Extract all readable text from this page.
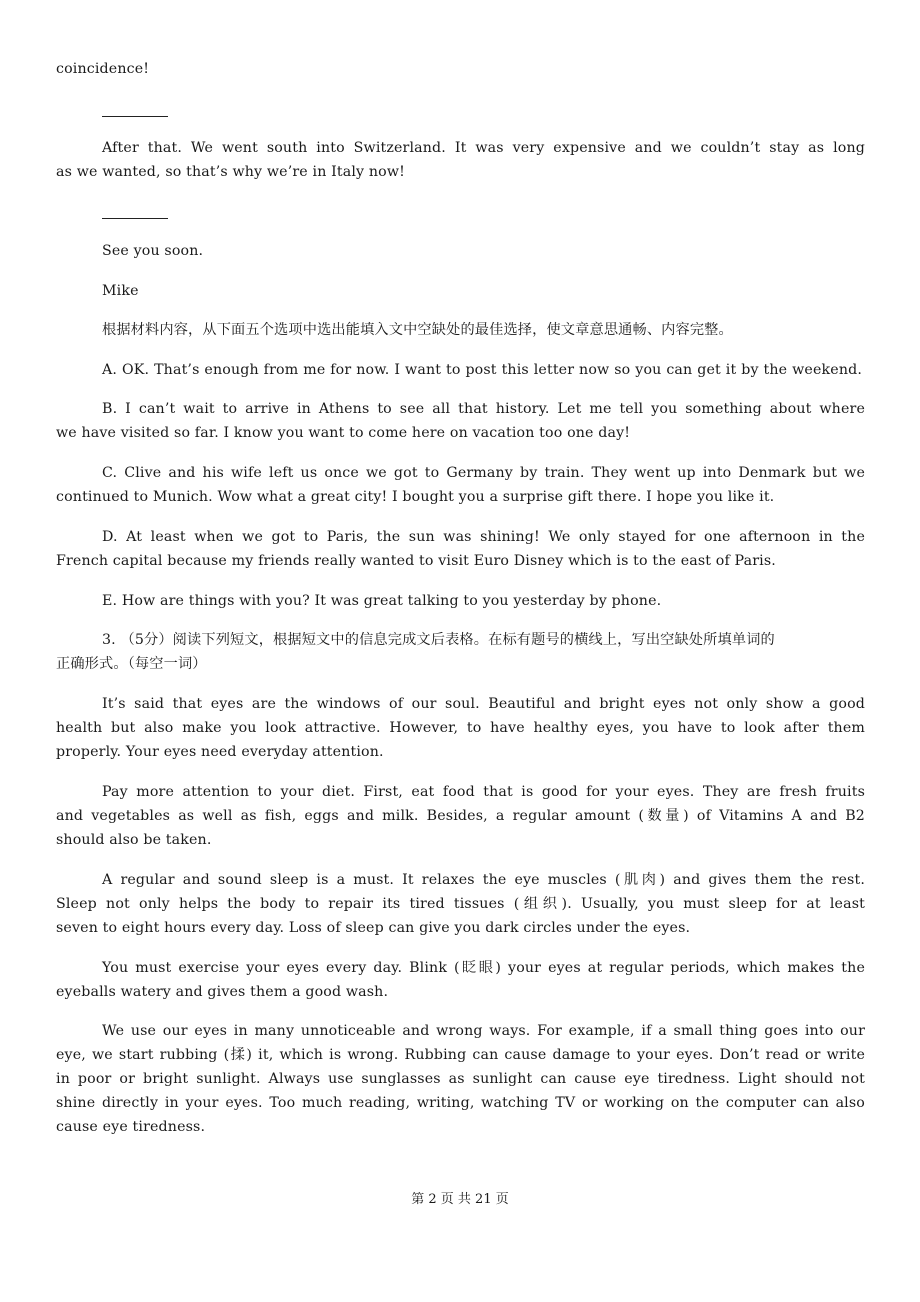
coincidence!
After that. We went south into Switzerland. It was very expensive and we couldn’t stay as long
as we wanted, so that’s why we’re in Italy now!
See you soon.
Mike
根据材料内容，从下面五个选项中选出能填入文中空缺处的最佳选择，使文章意思通畅、内容完整。
A. OK. That’s enough from me for now. I want to post this letter now so you can get it by the weekend.
B. I can’t wait to arrive in Athens to see all that history. Let me tell you something about where
we have visited so far. I know you want to come here on vacation too one day!
C. Clive and his wife left us once we got to Germany by train. They went up into Denmark but we
continued to Munich. Wow what a great city! I bought you a surprise gift there. I hope you like it.
D. At least when we got to Paris, the sun was shining! We only stayed for one afternoon in the
French capital because my friends really wanted to visit Euro Disney which is to the east of Paris.
E. How are things with you? It was great talking to you yesterday by phone.
3. （5分）阅读下列短文，根据短文中的信息完成文后表格。在标有题号的横线上，写出空缺处所填单词的
正确形式。（每空一词）
It’s said that eyes are the windows of our soul. Beautiful and bright eyes not only show a good
health but also make you look attractive. However, to have healthy eyes, you have to look after them
properly. Your eyes need everyday attention.
Pay more attention to your diet. First, eat food that is good for your eyes. They are fresh fruits
and vegetables as well as fish, eggs and milk. Besides, a regular amount (数量) of Vitamins A and B2
should also be taken.
A regular and sound sleep is a must. It relaxes the eye muscles (肌肉) and gives them the rest.
Sleep not only helps the body to repair its tired tissues (组织). Usually, you must sleep for at least
seven to eight hours every day. Loss of sleep can give you dark circles under the eyes.
You must exercise your eyes every day. Blink (眨眼) your eyes at regular periods, which makes the
eyeballs watery and gives them a good wash.
We use our eyes in many unnoticeable and wrong ways. For example, if a small thing goes into our
eye, we start rubbing (揉) it, which is wrong. Rubbing can cause damage to your eyes. Don’t read or write
in poor or bright sunlight. Always use sunglasses as sunlight can cause eye tiredness. Light should not
shine directly in your eyes. Too much reading, writing, watching TV or working on the computer can also
cause eye tiredness.
第 2 页 共 21 页
